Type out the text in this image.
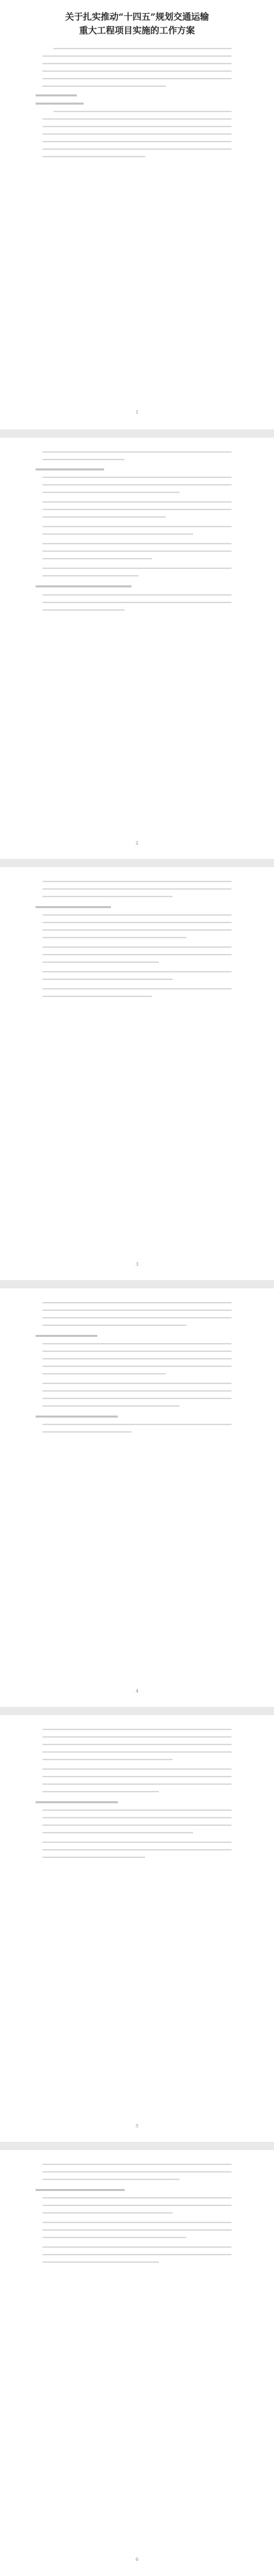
关于扎实推动“十四五”规划交通运输
重大工程项目实施的工作方案
1
2
3
4
5
6
